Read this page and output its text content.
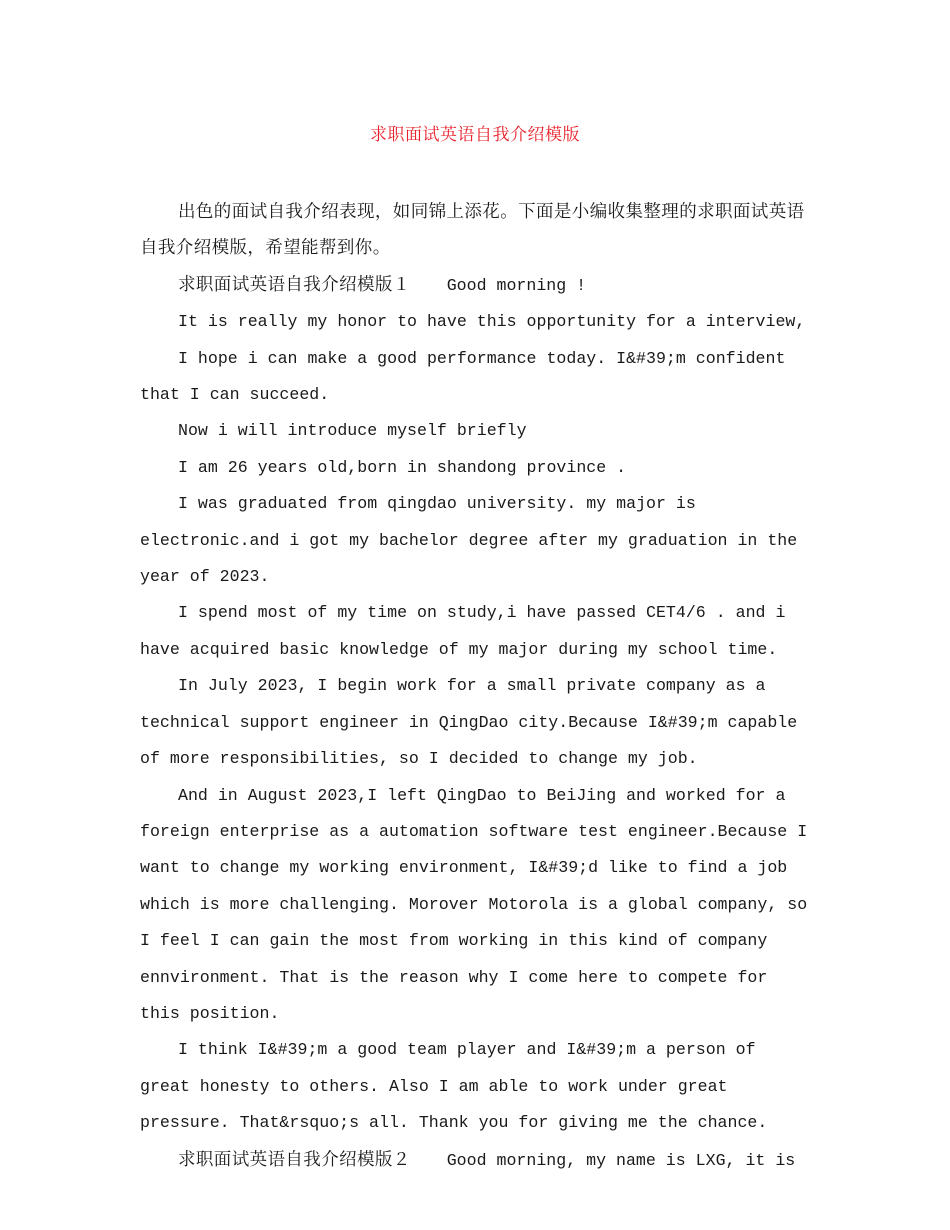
求职面试英语自我介绍模版

出色的面试自我介绍表现，如同锦上添花。下面是小编收集整理的求职面试英语自我介绍模版，希望能帮到你。

求职面试英语自我介绍模版１ Good morning !

It is really my honor to have this opportunity for a interview,

I hope i can make a good performance today. I&#39;m confident that I can succeed.

Now i will introduce myself briefly

I am 26 years old,born in shandong province .

I was graduated from qingdao university. my major is electronic.and i got my bachelor degree after my graduation in the year of 2023.

I spend most of my time on study,i have passed CET4/6 . and i have acquired basic knowledge of my major during my school time.

In July 2023, I begin work for a small private company as a technical support engineer in QingDao city.Because I&#39;m capable of more responsibilities, so I decided to change my job.

And in August 2023,I left QingDao to BeiJing and worked for a foreign enterprise as a automation software test engineer.Because I want to change my working environment, I&#39;d like to find a job which is more challenging. Morover Motorola is a global company, so I feel I can gain the most from working in this kind of company ennvironment. That is the reason why I come here to compete for this position.

I think I&#39;m a good team player and I&#39;m a person of great honesty to others. Also I am able to work under great pressure. That&rsquo;s all. Thank you for giving me the chance.

求职面试英语自我介绍模版２ Good morning, my name is LXG, it is
